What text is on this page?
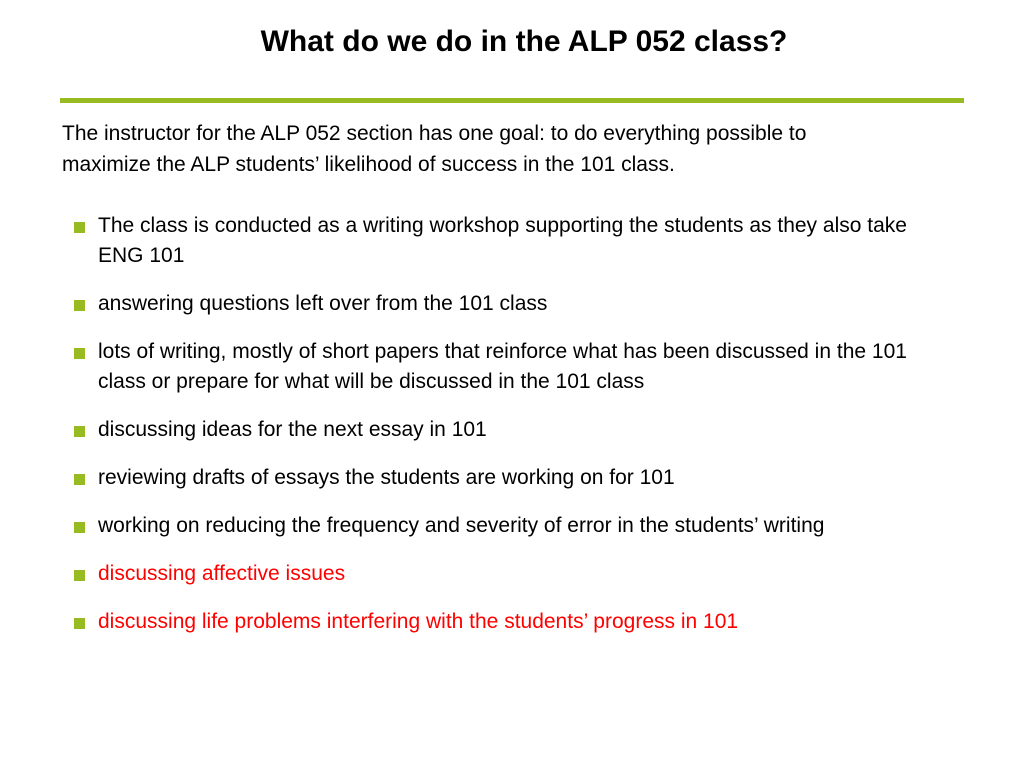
What do we do in the ALP 052 class?

The instructor for the ALP 052 section has one goal: to do everything possible to maximize the ALP students’ likelihood of success in the 101 class.

The class is conducted as a writing workshop supporting the students as they also take ENG 101
answering questions left over from the 101 class
lots of writing, mostly of short papers that reinforce what has been discussed in the 101 class or prepare for what will be discussed in the 101 class
discussing ideas for the next essay in 101
reviewing drafts of essays the students are working on for 101
working on reducing the frequency and severity of error in the students’ writing
discussing affective issues
discussing life problems interfering with the students’ progress in 101
